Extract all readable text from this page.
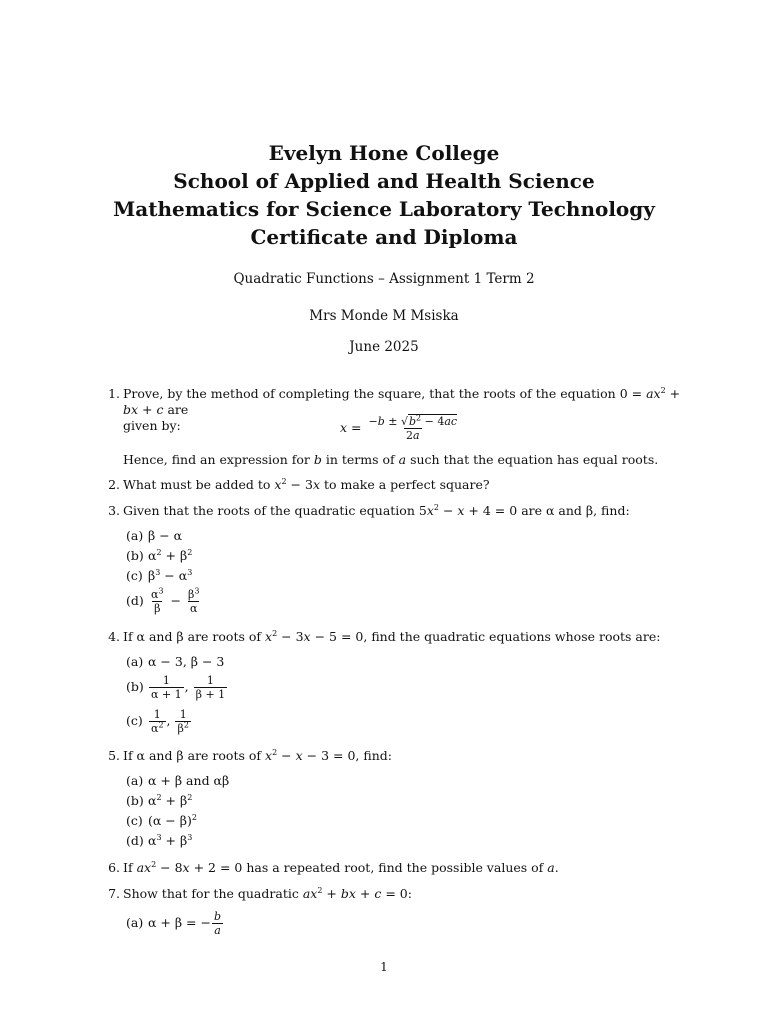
Evelyn Hone College
School of Applied and Health Science
Mathematics for Science Laboratory Technology
Certificate and Diploma
Quadratic Functions – Assignment 1 Term 2
Mrs Monde M Msiska
June 2025
1. Prove, by the method of completing the square, that the roots of the equation $0 = ax^2$ + bx + c are
given by:	$x = \frac{-b \pm √b^2 - 4ac}{2a}$
Hence, find an expression for b in terms of a such that the equation has equal roots.
2. What must be added to $x^2 - 3x$ to make a perfect square?
3. Given that the roots of the quadratic equation $5x^2 - x + 4 = 0$ are α and β, find:
(a) β − α
(b) $\alpha^2 + \beta^2$
(c) $\beta^3 - \alpha^3$
$(d) \frac{\alpha^3}{\beta} - \frac{\beta^3}{\alpha}$
4. If α and β are roots of $x^2 - 3x - 5 = 0$, find the quadratic equations whose roots are:
(a) α − 3, β − 3
$(b) \frac{1}{\alpha + 1}$ , $\frac{1}{\beta + 1}$
$(c) \frac{1}{\alpha^2}$ , $\frac{1}{\beta^2}$
5. If α and β are roots of $x^2 - x - 3 = 0$, find:
(a) α + β and αβ
(b) $\alpha^2 + \beta^2$
(c) $(\alpha - \beta)^2$
(d) $\alpha^3 + \beta^3$
6. If $ax^2 - 8x + 2 = 0$ has a repeated root, find the possible values of a.
7. Show that for the quadratic $ax^2$ + bx + c = 0:
(a) α + β = − $\frac{b}{a}$
1
